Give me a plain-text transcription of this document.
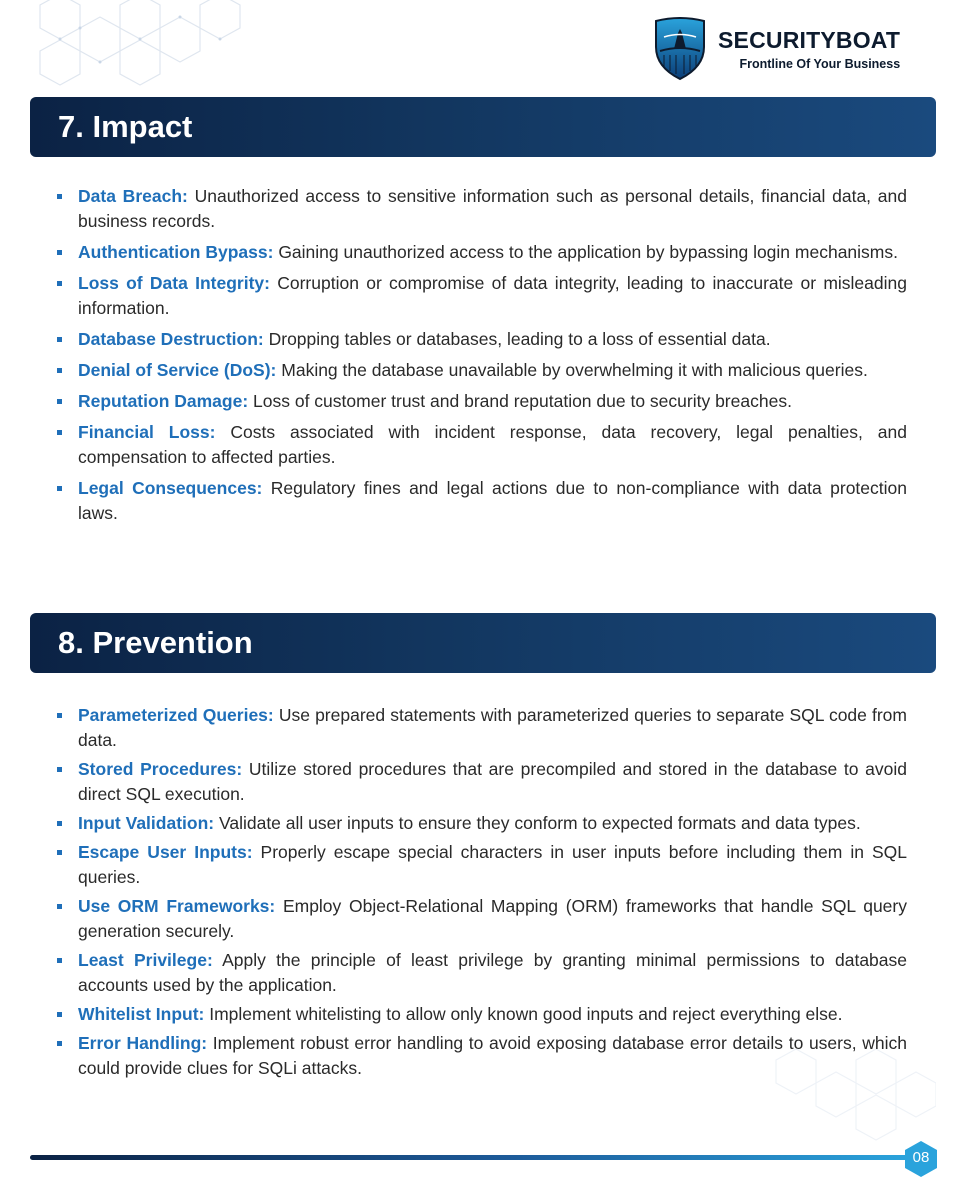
SECURITYBOAT
Frontline Of Your Business
7. Impact
Data Breach: Unauthorized access to sensitive information such as personal details, financial data, and business records.
Authentication Bypass: Gaining unauthorized access to the application by bypassing login mechanisms.
Loss of Data Integrity: Corruption or compromise of data integrity, leading to inaccurate or misleading information.
Database Destruction: Dropping tables or databases, leading to a loss of essential data.
Denial of Service (DoS): Making the database unavailable by overwhelming it with malicious queries.
Reputation Damage: Loss of customer trust and brand reputation due to security breaches.
Financial Loss: Costs associated with incident response, data recovery, legal penalties, and compensation to affected parties.
Legal Consequences: Regulatory fines and legal actions due to non-compliance with data protection laws.
8. Prevention
Parameterized Queries: Use prepared statements with parameterized queries to separate SQL code from data.
Stored Procedures: Utilize stored procedures that are precompiled and stored in the database to avoid direct SQL execution.
Input Validation: Validate all user inputs to ensure they conform to expected formats and data types.
Escape User Inputs: Properly escape special characters in user inputs before including them in SQL queries.
Use ORM Frameworks: Employ Object-Relational Mapping (ORM) frameworks that handle SQL query generation securely.
Least Privilege: Apply the principle of least privilege by granting minimal permissions to database accounts used by the application.
Whitelist Input: Implement whitelisting to allow only known good inputs and reject everything else.
Error Handling: Implement robust error handling to avoid exposing database error details to users, which could provide clues for SQLi attacks.
08
